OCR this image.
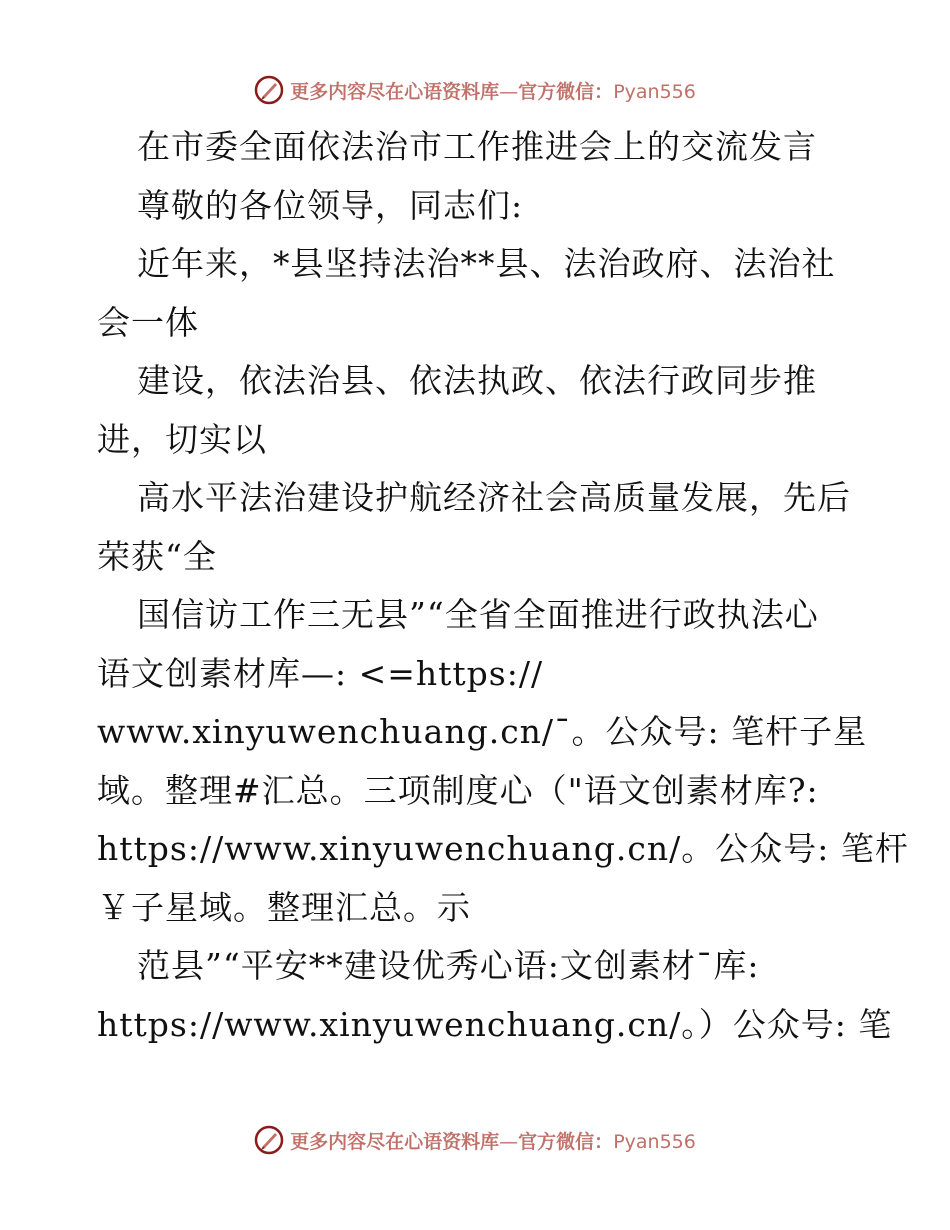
更多内容尽在心语资料库—官方微信：Pyan556
在市委全面依法治市工作推进会上的交流发言
尊敬的各位领导，同志们:
近年来，*县坚持法治**县、法治政府、法治社
会一体
建设，依法治县、依法执政、依法行政同步推
进，切实以
高水平法治建设护航经济社会高质量发展，先后
荣获“全
国信访工作三无县”“全省全面推进行政执法心
语文创素材库—: <=https://
www.xinyuwenchuang.cn/¯。公众号: 笔杆子星
域。整理#汇总。三项制度心（"语文创素材库?:
https://www.xinyuwenchuang.cn/。公众号: 笔杆
￥子星域。整理汇总。示
范县”“平安**建设优秀心语:文创素材¯库:
https://www.xinyuwenchuang.cn/。）公众号: 笔
更多内容尽在心语资料库—官方微信：Pyan556
